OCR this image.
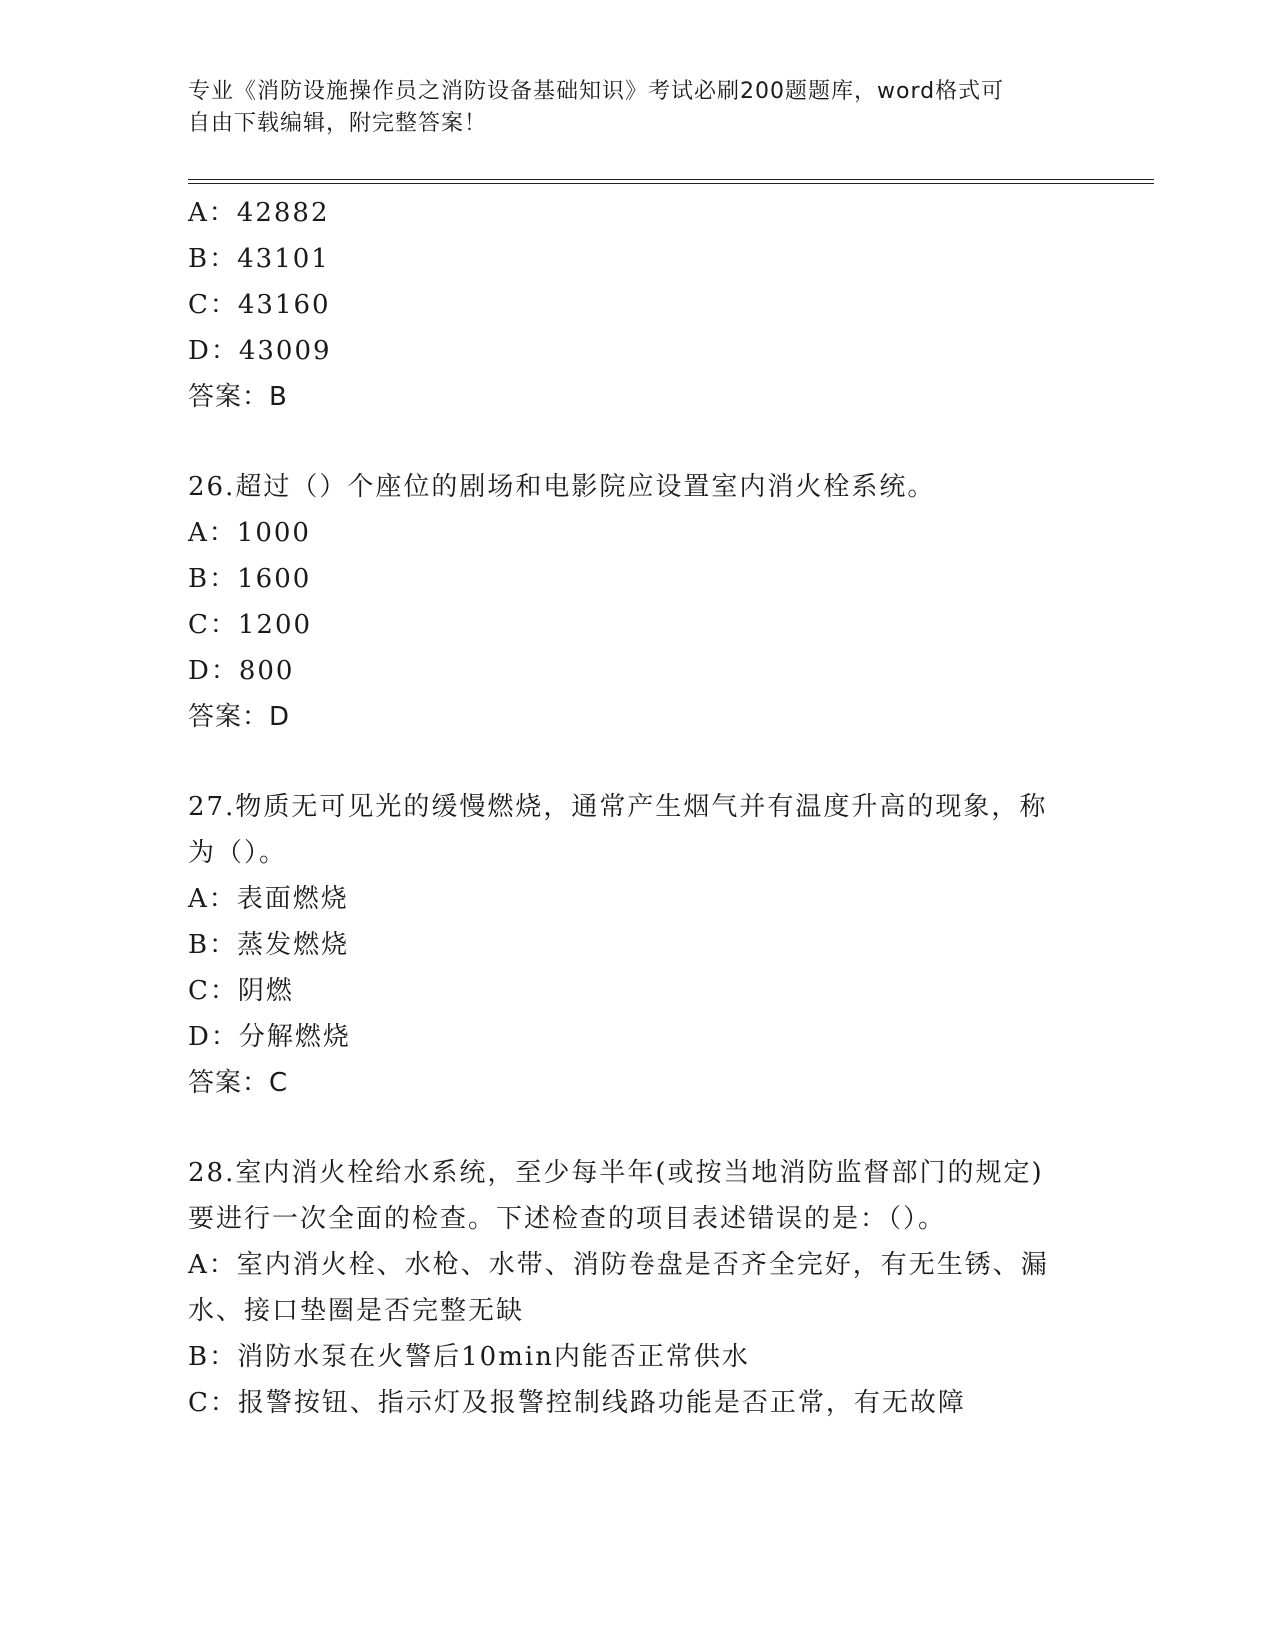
专业《消防设施操作员之消防设备基础知识》考试必刷200题题库，word格式可
自由下载编辑，附完整答案！
A：42882
B：43101
C：43160
D：43009
答案：B
26.超过（）个座位的剧场和电影院应设置室内消火栓系统。
A：1000
B：1600
C：1200
D：800
答案：D
27.物质无可见光的缓慢燃烧，通常产生烟气并有温度升高的现象，称
为（）。
A：表面燃烧
B：蒸发燃烧
C：阴燃
D：分解燃烧
答案：C
28.室内消火栓给水系统，至少每半年(或按当地消防监督部门的规定)
要进行一次全面的检查。下述检查的项目表述错误的是：（）。
A：室内消火栓、水枪、水带、消防卷盘是否齐全完好，有无生锈、漏
水、接口垫圈是否完整无缺
B：消防水泵在火警后10min内能否正常供水
C：报警按钮、指示灯及报警控制线路功能是否正常，有无故障
